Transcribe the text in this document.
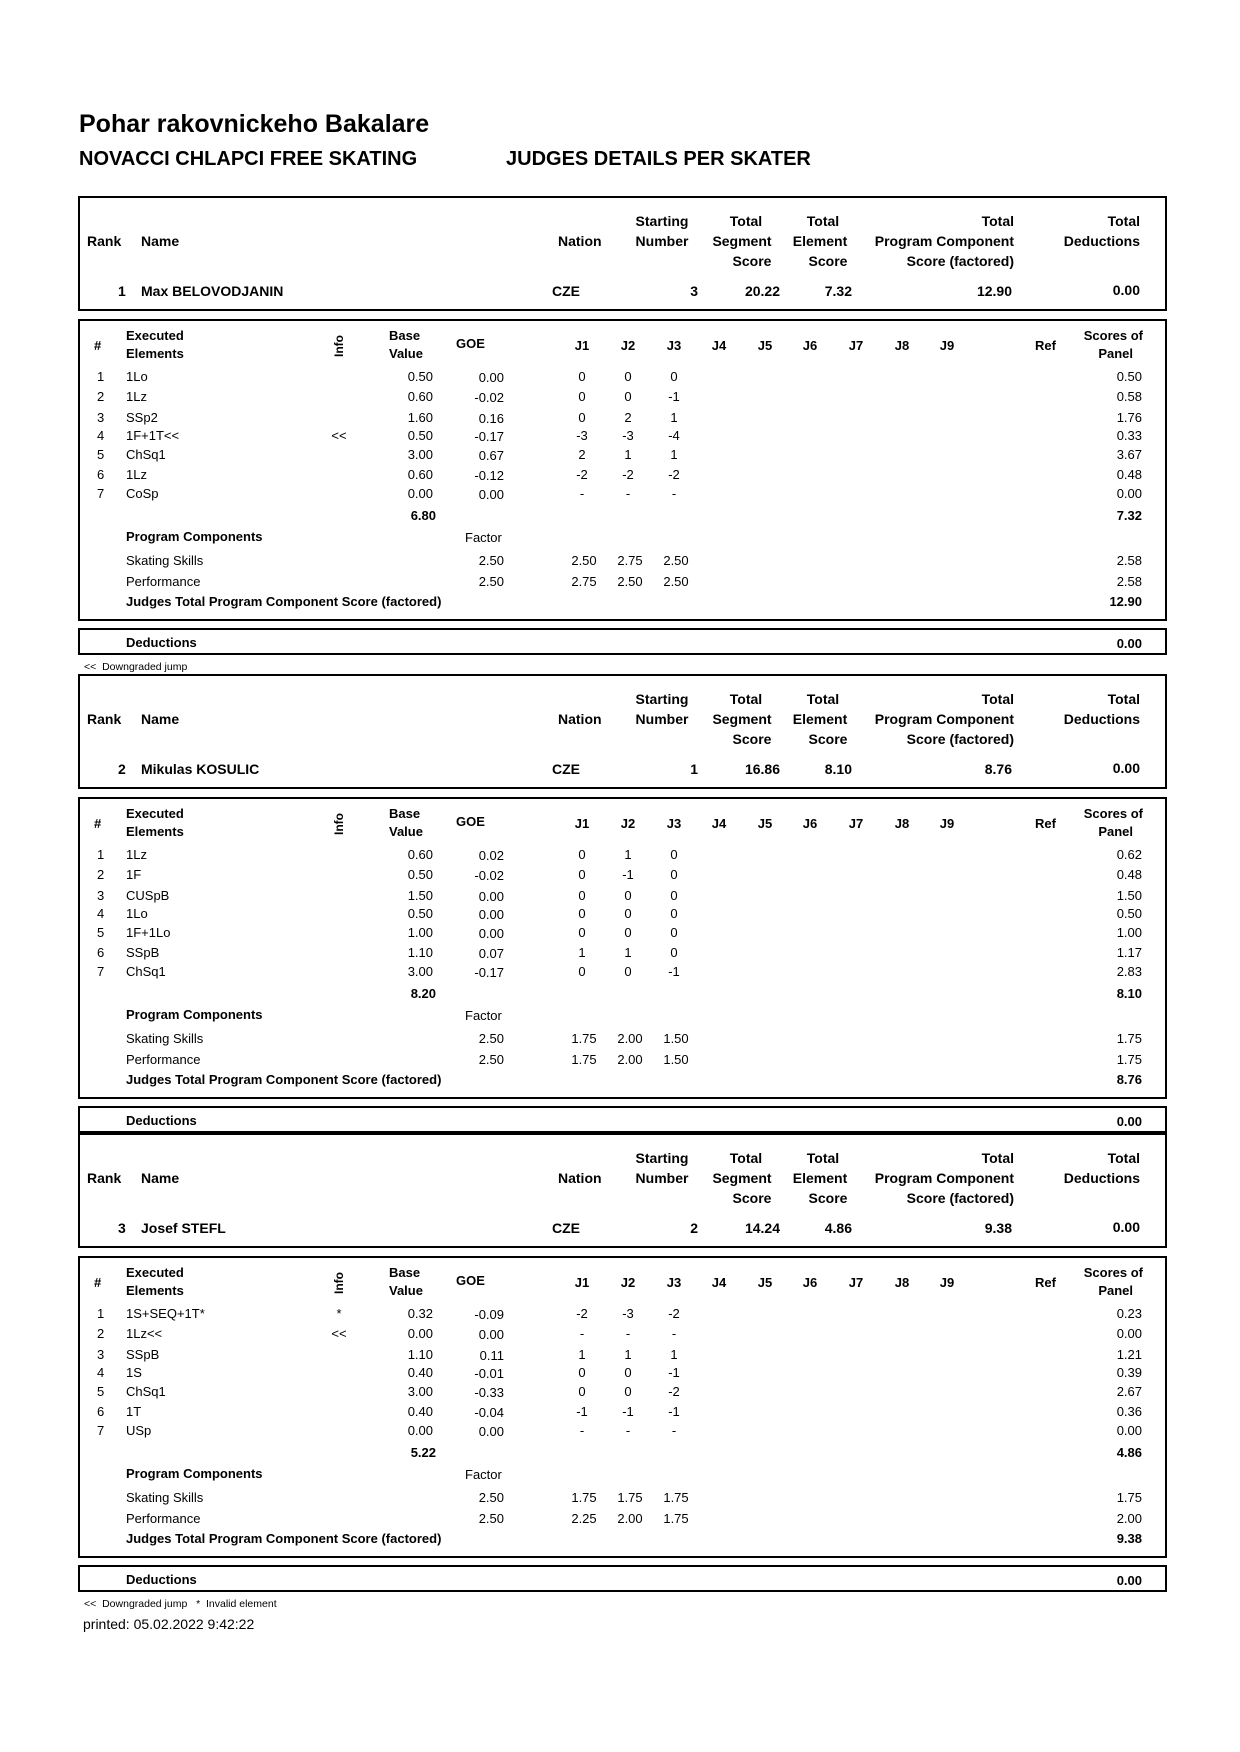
Pohar rakovnickeho Bakalare
NOVACCI CHLAPCI FREE SKATING	JUDGES DETAILS PER SKATER
Rank Name	Nation
Starting
Number
Total
Segment
Score
Total
Element
Score
Total
Program Component
Score (factored)
Total
Deductions
1 Max BELOVODJANIN	CZE	3	20.22	7.32	12.90	0.00
#
Executed
Elements	Info	Base
Value
GOE	J1	J2	J3	J4	J5	J6	J7	J8	J9	Ref
Scores of
Panel
1 1Lo	0.50	0.00	0	0	0	0.50
2 1Lz	0.60	-0.02	0	0	-1	0.58
3 SSp2	1.60	0.16	0	2	1	1.76
4 1F+1T<<	<<	0.50	-0.17	-3	-3	-4	0.33
5 ChSq1	3.00	0.67	2	1	1	3.67
6 1Lz	0.60	-0.12	-2	-2	-2	0.48
7 CoSp	0.00	0.00	-	-	-	0.00
6.80	7.32
Program Components	Factor
Skating Skills	2.50	2.50	2.75	2.50	2.58
Performance	2.50	2.75	2.50	2.50	2.58
Judges Total Program Component Score (factored)	12.90
Deductions	0.00
<<  Downgraded jump
Rank Name	Nation
Starting
Number
Total
Segment
Score
Total
Element
Score
Total
Program Component
Score (factored)
Total
Deductions
2 Mikulas KOSULIC	CZE	1	16.86	8.10	8.76	0.00
#
Executed
Elements	Info	Base
Value
GOE	J1	J2	J3	J4	J5	J6	J7	J8	J9	Ref
Scores of
Panel
1 1Lz	0.60	0.02	0	1	0	0.62
2 1F	0.50	-0.02	0	-1	0	0.48
3 CUSpB	1.50	0.00	0	0	0	1.50
4 1Lo	0.50	0.00	0	0	0	0.50
5 1F+1Lo	1.00	0.00	0	0	0	1.00
6 SSpB	1.10	0.07	1	1	0	1.17
7 ChSq1	3.00	-0.17	0	0	-1	2.83
8.20	8.10
Program Components	Factor
Skating Skills	2.50	1.75	2.00	1.50	1.75
Performance	2.50	1.75	2.00	1.50	1.75
Judges Total Program Component Score (factored)	8.76
Deductions	0.00
Rank Name	Nation
Starting
Number
Total
Segment
Score
Total
Element
Score
Total
Program Component
Score (factored)
Total
Deductions
3 Josef STEFL	CZE	2	14.24	4.86	9.38	0.00
#
Executed
Elements	Info	Base
Value
GOE	J1	J2	J3	J4	J5	J6	J7	J8	J9	Ref
Scores of
Panel
1 1S+SEQ+1T*	*	0.32	-0.09	-2	-3	-2	0.23
2 1Lz<<	<<	0.00	0.00	-	-	-	0.00
3 SSpB	1.10	0.11	1	1	1	1.21
4 1S	0.40	-0.01	0	0	-1	0.39
5 ChSq1	3.00	-0.33	0	0	-2	2.67
6 1T	0.40	-0.04	-1	-1	-1	0.36
7 USp	0.00	0.00	-	-	-	0.00
5.22	4.86
Program Components	Factor
Skating Skills	2.50	1.75	1.75	1.75	1.75
Performance	2.50	2.25	2.00	1.75	2.00
Judges Total Program Component Score (factored)	9.38
Deductions	0.00
<<  Downgraded jump   *  Invalid element
printed: 05.02.2022 9:42:22
